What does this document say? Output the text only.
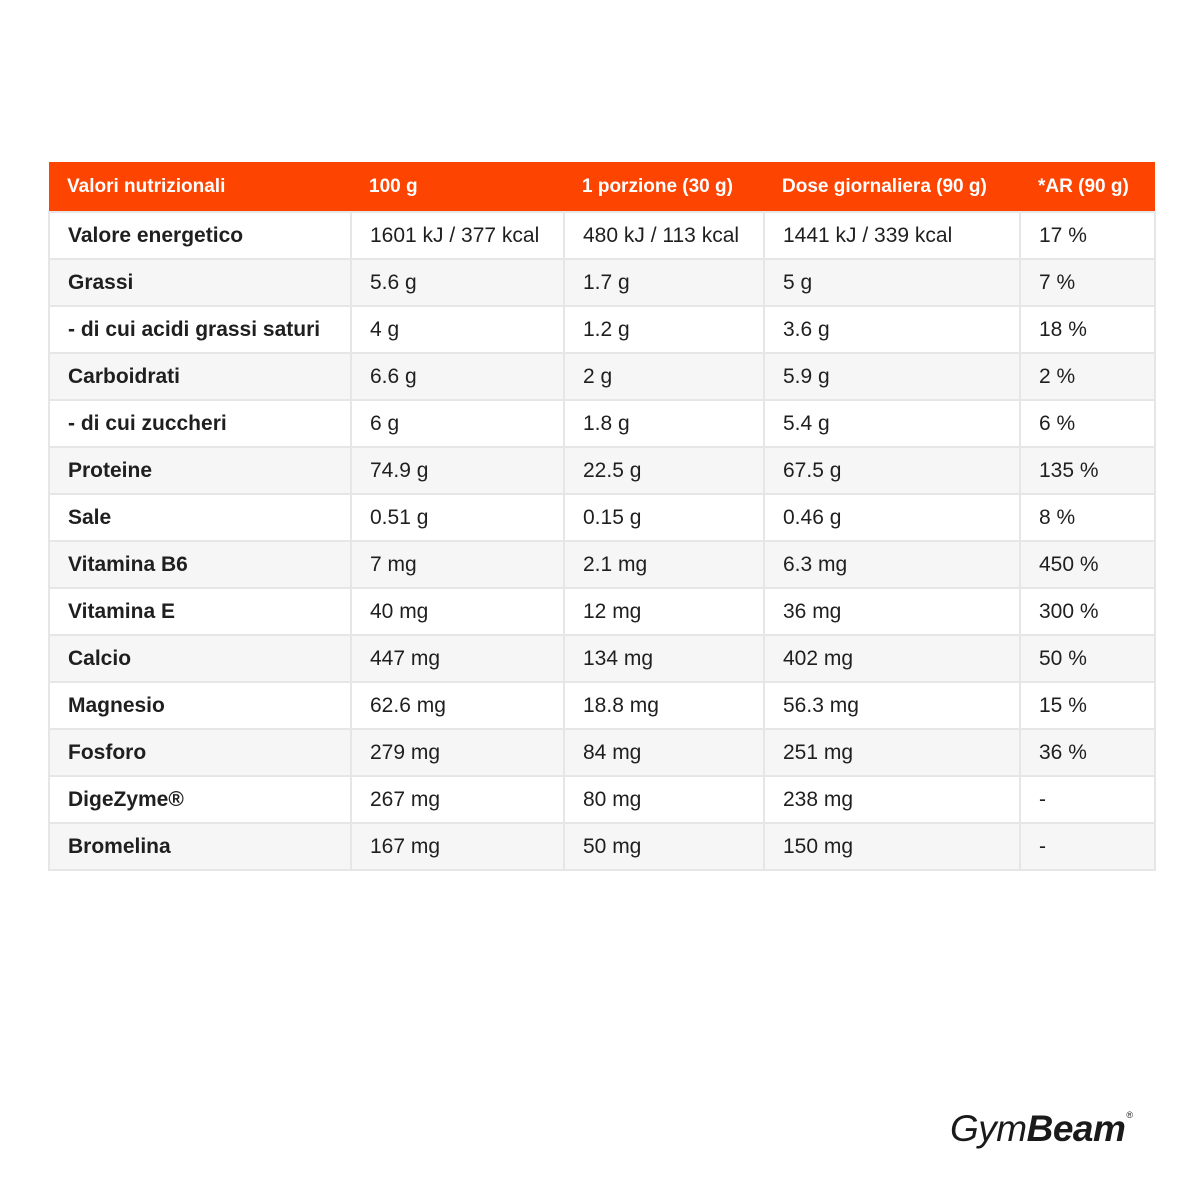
Valori nutrizionali	100 g	1 porzione (30 g)	Dose giornaliera (90 g)	*AR (90 g)
Valore energetico	1601 kJ / 377 kcal	480 kJ / 113 kcal	1441 kJ / 339 kcal	17 %
Grassi	5.6 g	1.7 g	5 g	7 %
- di cui acidi grassi saturi	4 g	1.2 g	3.6 g	18 %
Carboidrati	6.6 g	2 g	5.9 g	2 %
- di cui zuccheri	6 g	1.8 g	5.4 g	6 %
Proteine	74.9 g	22.5 g	67.5 g	135 %
Sale	0.51 g	0.15 g	0.46 g	8 %
Vitamina B6	7 mg	2.1 mg	6.3 mg	450 %
Vitamina E	40 mg	12 mg	36 mg	300 %
Calcio	447 mg	134 mg	402 mg	50 %
Magnesio	62.6 mg	18.8 mg	56.3 mg	15 %
Fosforo	279 mg	84 mg	251 mg	36 %
DigeZyme®	267 mg	80 mg	238 mg	-
Bromelina	167 mg	50 mg	150 mg	-
GymBeam®
